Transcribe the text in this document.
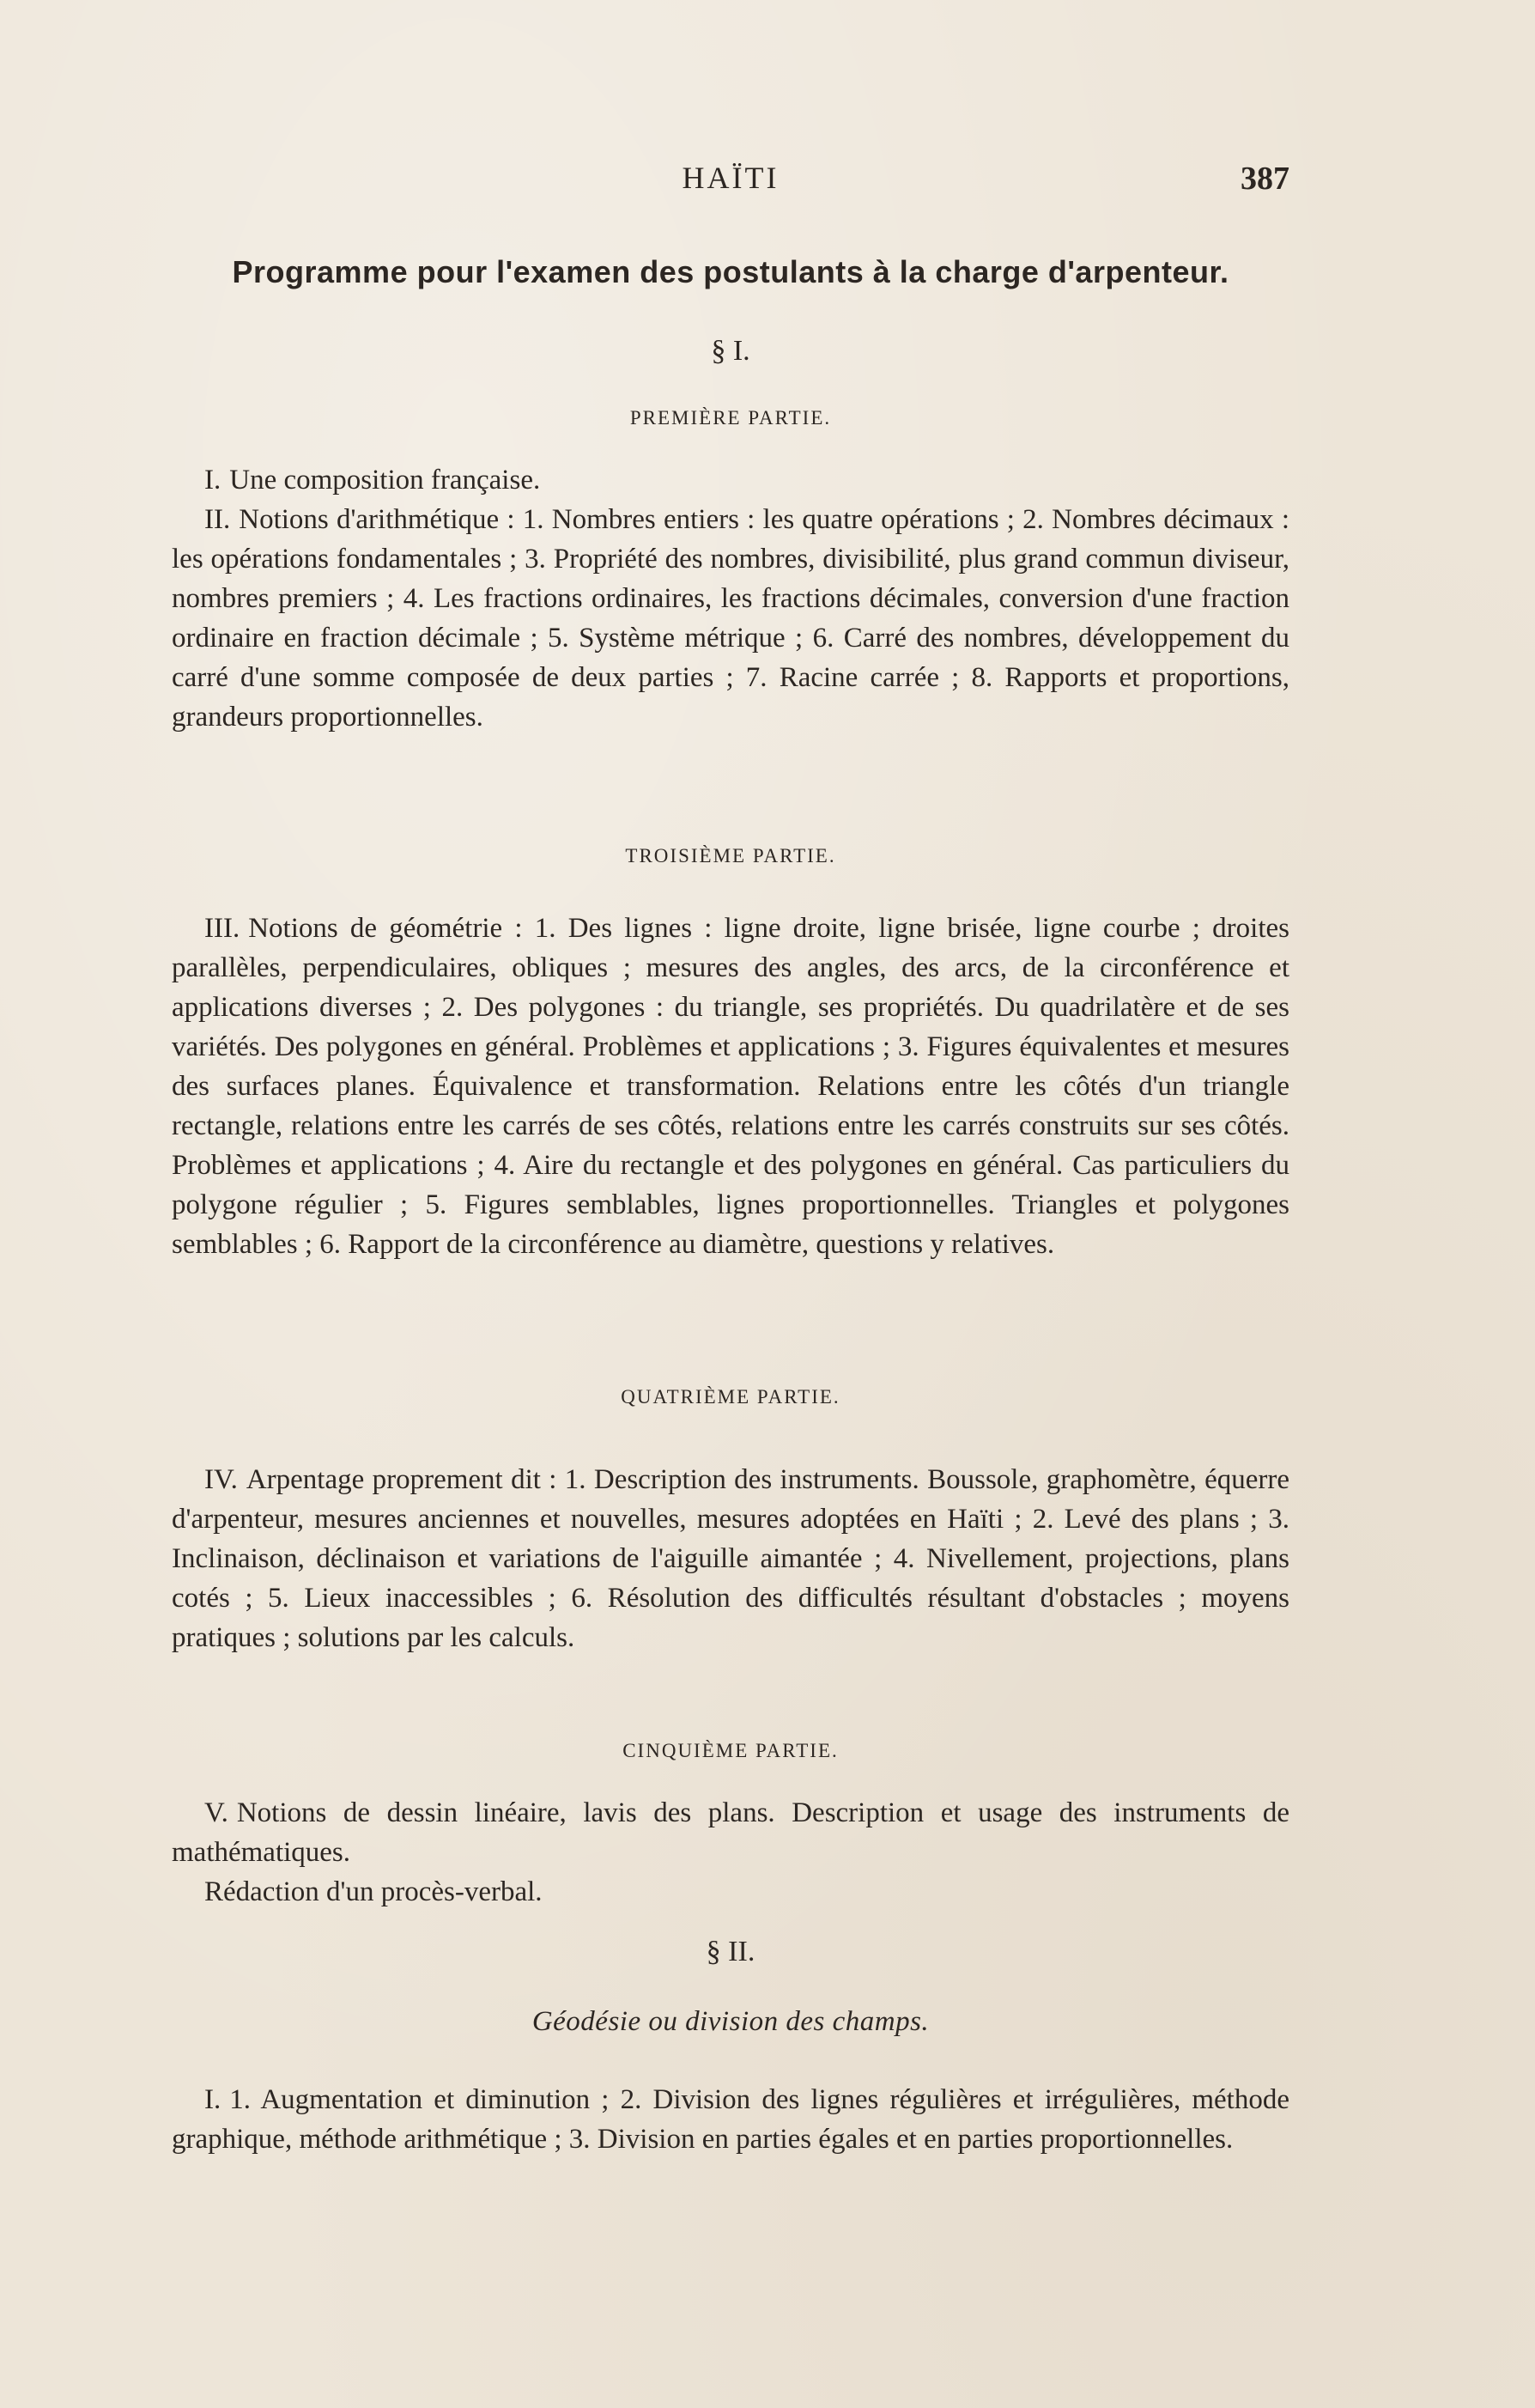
HAÏTI	387
Programme pour l'examen des postulants à la charge d'arpenteur.
§ I.
PREMIÈRE PARTIE.

I. Une composition française.

II. Notions d'arithmétique : 1. Nombres entiers : les quatre opérations ; 2. Nombres décimaux : les opérations fondamentales ; 3. Propriété des nombres, divisibilité, plus grand commun diviseur, nombres premiers ; 4. Les fractions ordinaires, les fractions décimales, conversion d'une fraction ordinaire en fraction décimale ; 5. Système métrique ; 6. Carré des nombres, développement du carré d'une somme composée de deux parties ; 7. Racine carrée ; 8. Rapports et proportions, grandeurs proportionnelles.

TROISIÈME PARTIE.

III. Notions de géométrie : 1. Des lignes : ligne droite, ligne brisée, ligne courbe ; droites parallèles, perpendiculaires, obliques ; mesures des angles, des arcs, de la circonférence et applications diverses ; 2. Des polygones : du triangle, ses propriétés. Du quadrilatère et de ses variétés. Des polygones en général. Problèmes et applications ; 3. Figures équivalentes et mesures des surfaces planes. Équivalence et transformation. Relations entre les côtés d'un triangle rectangle, relations entre les carrés de ses côtés, relations entre les carrés construits sur ses côtés. Problèmes et applications ; 4. Aire du rectangle et des polygones en général. Cas particuliers du polygone régulier ; 5. Figures semblables, lignes proportionnelles. Triangles et polygones semblables ; 6. Rapport de la circonférence au diamètre, questions y relatives.

QUATRIÈME PARTIE.

IV. Arpentage proprement dit : 1. Description des instruments. Boussole, graphomètre, équerre d'arpenteur, mesures anciennes et nouvelles, mesures adoptées en Haïti ; 2. Levé des plans ; 3. Inclinaison, déclinaison et variations de l'aiguille aimantée ; 4. Nivellement, projections, plans cotés ; 5. Lieux inaccessibles ; 6. Résolution des difficultés résultant d'obstacles ; moyens pratiques ; solutions par les calculs.

CINQUIÈME PARTIE.

V. Notions de dessin linéaire, lavis des plans. Description et usage des instruments de mathématiques.

Rédaction d'un procès-verbal.

§ II.
Géodésie ou division des champs.

I. 1. Augmentation et diminution ; 2. Division des lignes régulières et irrégulières, méthode graphique, méthode arithmétique ; 3. Division en parties égales et en parties proportionnelles.
